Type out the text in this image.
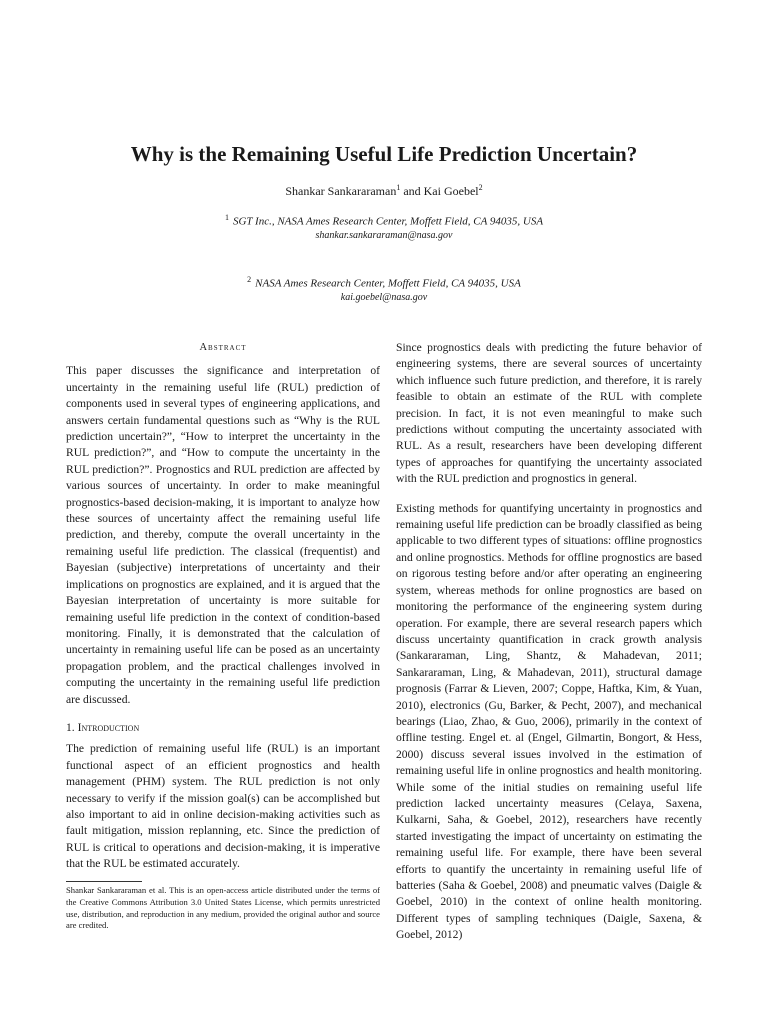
Why is the Remaining Useful Life Prediction Uncertain?
Shankar Sankararaman$^1$ and Kai Goebel$^2$
$^1$ SGT Inc., NASA Ames Research Center, Moffett Field, CA 94035, USA
shankar.sankararaman@nasa.gov
$^2$ NASA Ames Research Center, Moffett Field, CA 94035, USA
kai.goebel@nasa.gov
Abstract

This paper discusses the significance and interpretation of uncertainty in the remaining useful life (RUL) prediction of components used in several types of engineering applications, and answers certain fundamental questions such as “Why is the RUL prediction uncertain?”, “How to interpret the uncertainty in the RUL prediction?”, and “How to compute the uncertainty in the RUL prediction?”. Prognostics and RUL prediction are affected by various sources of uncertainty. In order to make meaningful prognostics-based decision-making, it is important to analyze how these sources of uncertainty affect the remaining useful life prediction, and thereby, compute the overall uncertainty in the remaining useful life prediction. The classical (frequentist) and Bayesian (subjective) interpretations of uncertainty and their implications on prognostics are explained, and it is argued that the Bayesian interpretation of uncertainty is more suitable for remaining useful life prediction in the context of condition-based monitoring. Finally, it is demonstrated that the calculation of uncertainty in remaining useful life can be posed as an uncertainty propagation problem, and the practical challenges involved in computing the uncertainty in the remaining useful life prediction are discussed.

1. Introduction

The prediction of remaining useful life (RUL) is an important functional aspect of an efficient prognostics and health management (PHM) system. The RUL prediction is not only necessary to verify if the mission goal(s) can be accomplished but also important to aid in online decision-making activities such as fault mitigation, mission replanning, etc. Since the prediction of RUL is critical to operations and decision-making, it is imperative that the RUL be estimated accurately.

Shankar Sankararaman et al. This is an open-access article distributed under the terms of the Creative Commons Attribution 3.0 United States License, which permits unrestricted use, distribution, and reproduction in any medium, provided the original author and source are credited.

Since prognostics deals with predicting the future behavior of engineering systems, there are several sources of uncertainty which influence such future prediction, and therefore, it is rarely feasible to obtain an estimate of the RUL with complete precision. In fact, it is not even meaningful to make such predictions without computing the uncertainty associated with RUL. As a result, researchers have been developing different types of approaches for quantifying the uncertainty associated with the RUL prediction and prognostics in general.

Existing methods for quantifying uncertainty in prognostics and remaining useful life prediction can be broadly classified as being applicable to two different types of situations: offline prognostics and online prognostics. Methods for offline prognostics are based on rigorous testing before and/or after operating an engineering system, whereas methods for online prognostics are based on monitoring the performance of the engineering system during operation. For example, there are several research papers which discuss uncertainty quantification in crack growth analysis (Sankararaman, Ling, Shantz, & Mahadevan, 2011; Sankararaman, Ling, & Mahadevan, 2011), structural damage prognosis (Farrar & Lieven, 2007; Coppe, Haftka, Kim, & Yuan, 2010), electronics (Gu, Barker, & Pecht, 2007), and mechanical bearings (Liao, Zhao, & Guo, 2006), primarily in the context of offline testing. Engel et. al (Engel, Gilmartin, Bongort, & Hess, 2000) discuss several issues involved in the estimation of remaining useful life in online prognostics and health monitoring. While some of the initial studies on remaining useful life prediction lacked uncertainty measures (Celaya, Saxena, Kulkarni, Saha, & Goebel, 2012), researchers have recently started investigating the impact of uncertainty on estimating the remaining useful life. For example, there have been several efforts to quantify the uncertainty in remaining useful life of batteries (Saha & Goebel, 2008) and pneumatic valves (Daigle & Goebel, 2010) in the context of online health monitoring. Different types of sampling techniques (Daigle, Saxena, & Goebel, 2012)
